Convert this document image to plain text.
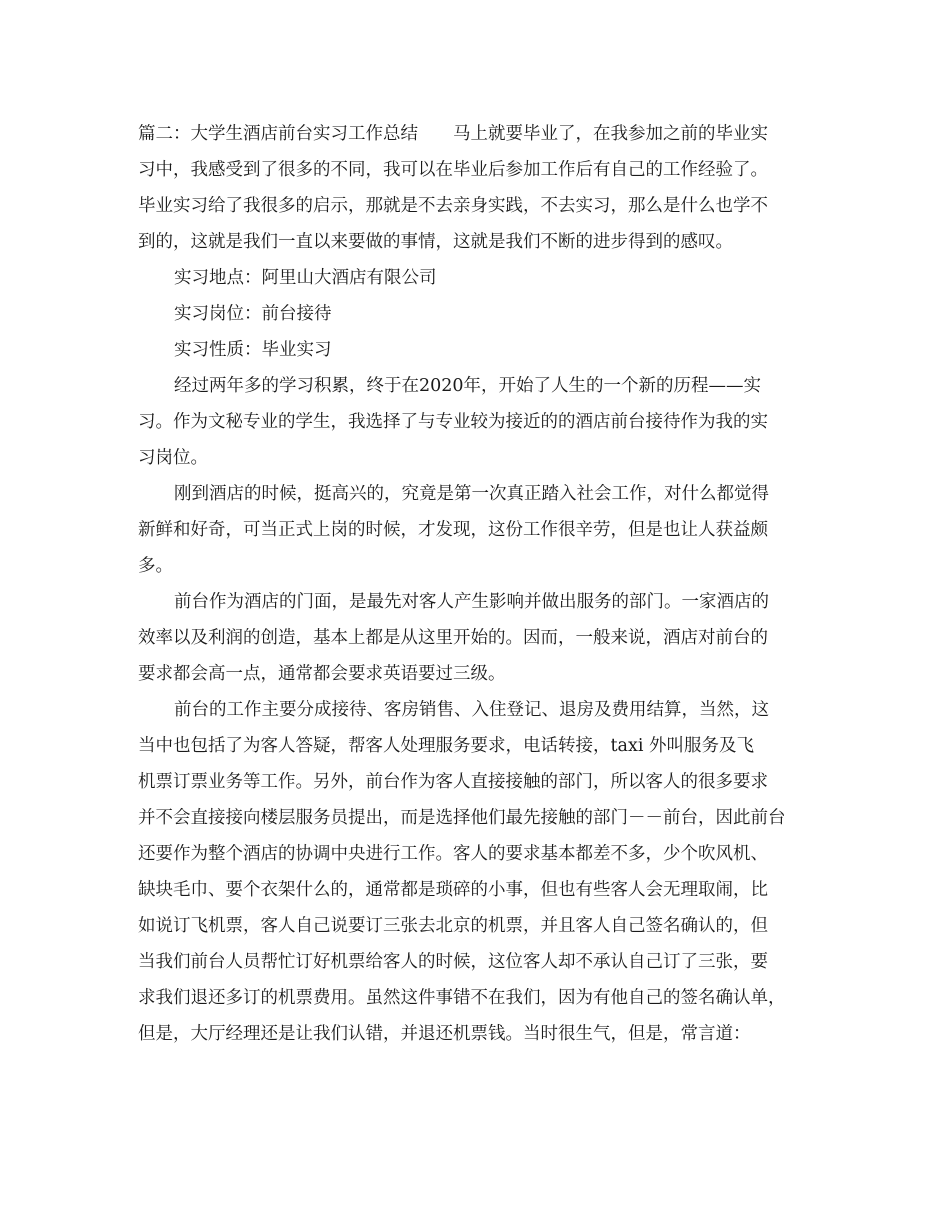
篇二：大学生酒店前台实习工作总结　　马上就要毕业了，在我参加之前的毕业实
习中，我感受到了很多的不同，我可以在毕业后参加工作后有自己的工作经验了。
毕业实习给了我很多的启示，那就是不去亲身实践，不去实习，那么是什么也学不
到的，这就是我们一直以来要做的事情，这就是我们不断的进步得到的感叹。
实习地点：阿里山大酒店有限公司
实习岗位：前台接待
实习性质：毕业实习
经过两年多的学习积累，终于在2020年，开始了人生的一个新的历程——实
习。作为文秘专业的学生，我选择了与专业较为接近的的酒店前台接待作为我的实
习岗位。
刚到酒店的时候，挺高兴的，究竟是第一次真正踏入社会工作，对什么都觉得
新鲜和好奇，可当正式上岗的时候，才发现，这份工作很辛劳，但是也让人获益颇
多。
前台作为酒店的门面，是最先对客人产生影响并做出服务的部门。一家酒店的
效率以及利润的创造，基本上都是从这里开始的。因而，一般来说，酒店对前台的
要求都会高一点，通常都会要求英语要过三级。
前台的工作主要分成接待、客房销售、入住登记、退房及费用结算，当然，这
当中也包括了为客人答疑，帮客人处理服务要求，电话转接，taxi 外叫服务及飞
机票订票业务等工作。另外，前台作为客人直接接触的部门，所以客人的很多要求
并不会直接接向楼层服务员提出，而是选择他们最先接触的部门－－前台，因此前台
还要作为整个酒店的协调中央进行工作。客人的要求基本都差不多，少个吹风机、
缺块毛巾、要个衣架什么的，通常都是琐碎的小事，但也有些客人会无理取闹，比
如说订飞机票，客人自己说要订三张去北京的机票，并且客人自己签名确认的，但
当我们前台人员帮忙订好机票给客人的时候，这位客人却不承认自己订了三张，要
求我们退还多订的机票费用。虽然这件事错不在我们，因为有他自己的签名确认单，
但是，大厅经理还是让我们认错，并退还机票钱。当时很生气，但是，常言道：
